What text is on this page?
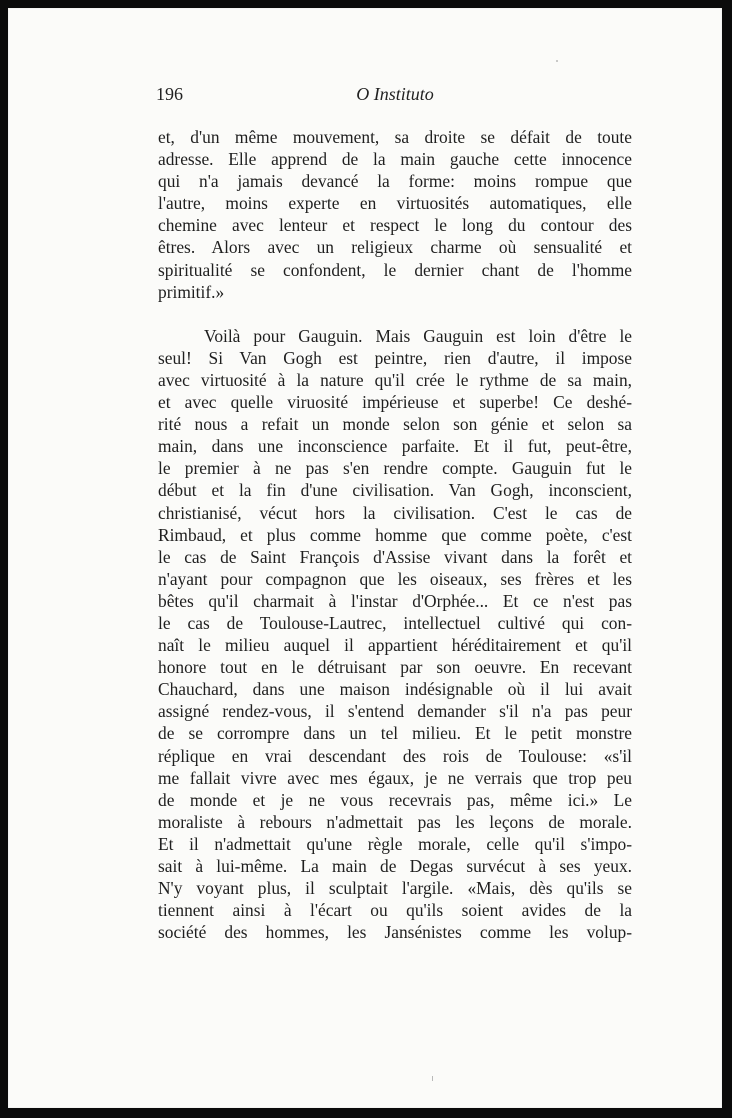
196	O Instituto
et, d'un même mouvement, sa droite se défait de toute
adresse. Elle apprend de la main gauche cette innocence
qui n'a jamais devancé la forme: moins rompue que
l'autre, moins experte en virtuosités automatiques, elle
chemine avec lenteur et respect le long du contour des
êtres. Alors avec un religieux charme où sensualité et
spiritualité se confondent, le dernier chant de l'homme
primitif.»
Voilà pour Gauguin. Mais Gauguin est loin d'être le
seul! Si Van Gogh est peintre, rien d'autre, il impose
avec virtuosité à la nature qu'il crée le rythme de sa main,
et avec quelle viruosité impérieuse et superbe! Ce deshé-
rité nous a refait un monde selon son génie et selon sa
main, dans une inconscience parfaite. Et il fut, peut-être,
le premier à ne pas s'en rendre compte. Gauguin fut le
début et la fin d'une civilisation. Van Gogh, inconscient,
christianisé, vécut hors la civilisation. C'est le cas de
Rimbaud, et plus comme homme que comme poète, c'est
le cas de Saint François d'Assise vivant dans la forêt et
n'ayant pour compagnon que les oiseaux, ses frères et les
bêtes qu'il charmait à l'instar d'Orphée... Et ce n'est pas
le cas de Toulouse-Lautrec, intellectuel cultivé qui con-
naît le milieu auquel il appartient héréditairement et qu'il
honore tout en le détruisant par son oeuvre. En recevant
Chauchard, dans une maison indésignable où il lui avait
assigné rendez-vous, il s'entend demander s'il n'a pas peur
de se corrompre dans un tel milieu. Et le petit monstre
réplique en vrai descendant des rois de Toulouse: «s'il
me fallait vivre avec mes égaux, je ne verrais que trop peu
de monde et je ne vous recevrais pas, même ici.» Le
moraliste à rebours n'admettait pas les leçons de morale.
Et il n'admettait qu'une règle morale, celle qu'il s'impo-
sait à lui-même. La main de Degas survécut à ses yeux.
N'y voyant plus, il sculptait l'argile. «Mais, dès qu'ils se
tiennent ainsi à l'écart ou qu'ils soient avides de la
société des hommes, les Jansénistes comme les volup-
